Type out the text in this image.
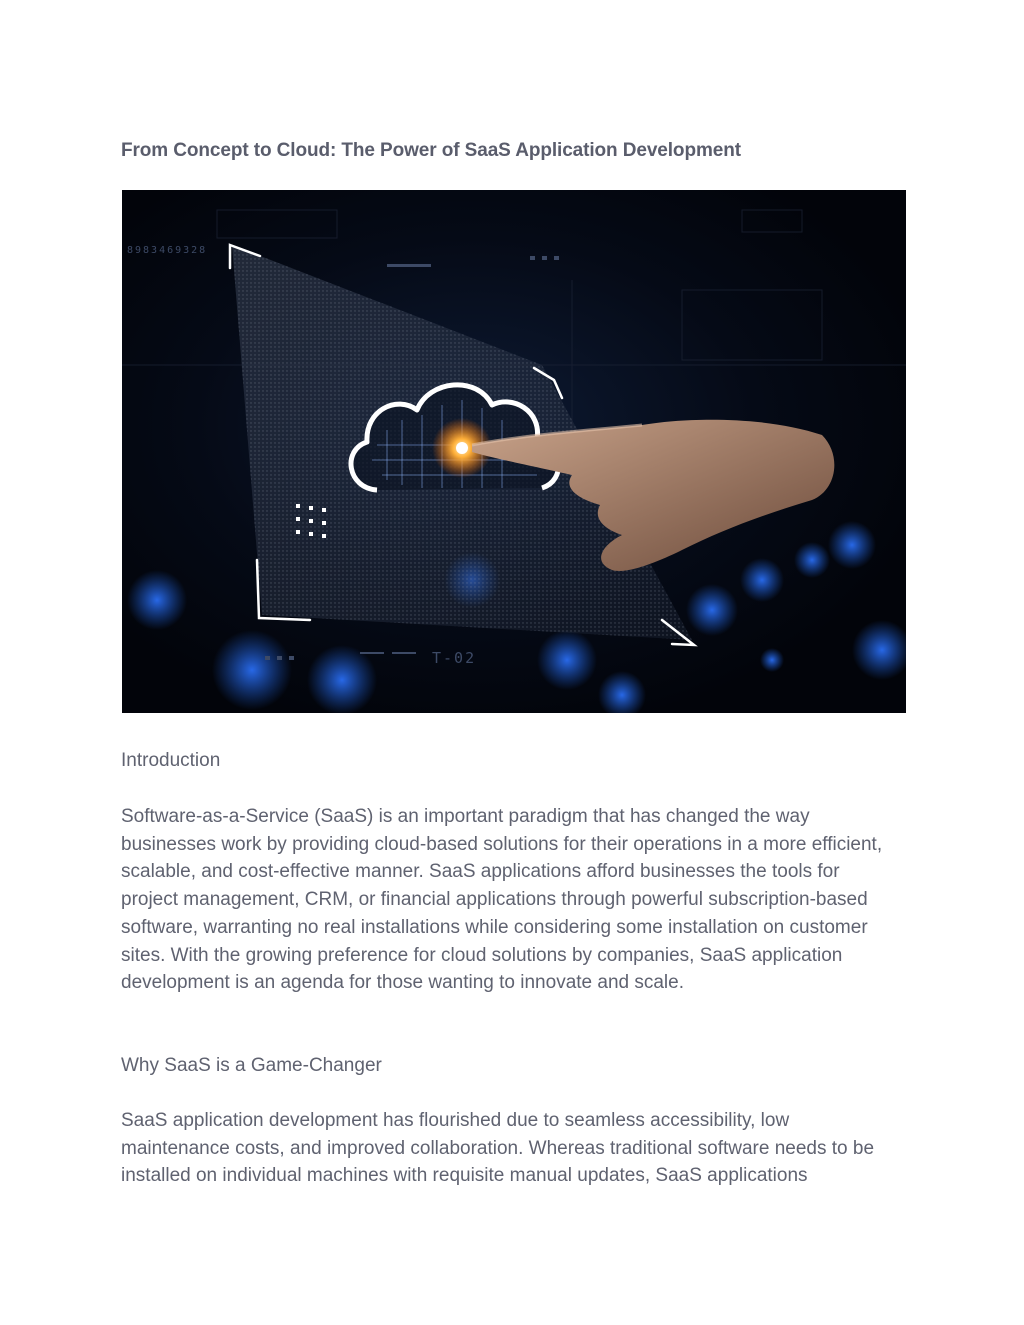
From Concept to Cloud: The Power of SaaS Application Development
8983469328
T-02

Introduction

Software-as-a-Service (SaaS) is an important paradigm that has changed the way businesses work by providing cloud-based solutions for their operations in a more efficient, scalable, and cost-effective manner. SaaS applications afford businesses the tools for project management, CRM, or financial applications through powerful subscription-based software, warranting no real installations while considering some installation on customer sites. With the growing preference for cloud solutions by companies, SaaS application development is an agenda for those wanting to innovate and scale.

Why SaaS is a Game-Changer

SaaS application development has flourished due to seamless accessibility, low maintenance costs, and improved collaboration. Whereas traditional software needs to be installed on individual machines with requisite manual updates, SaaS applications
